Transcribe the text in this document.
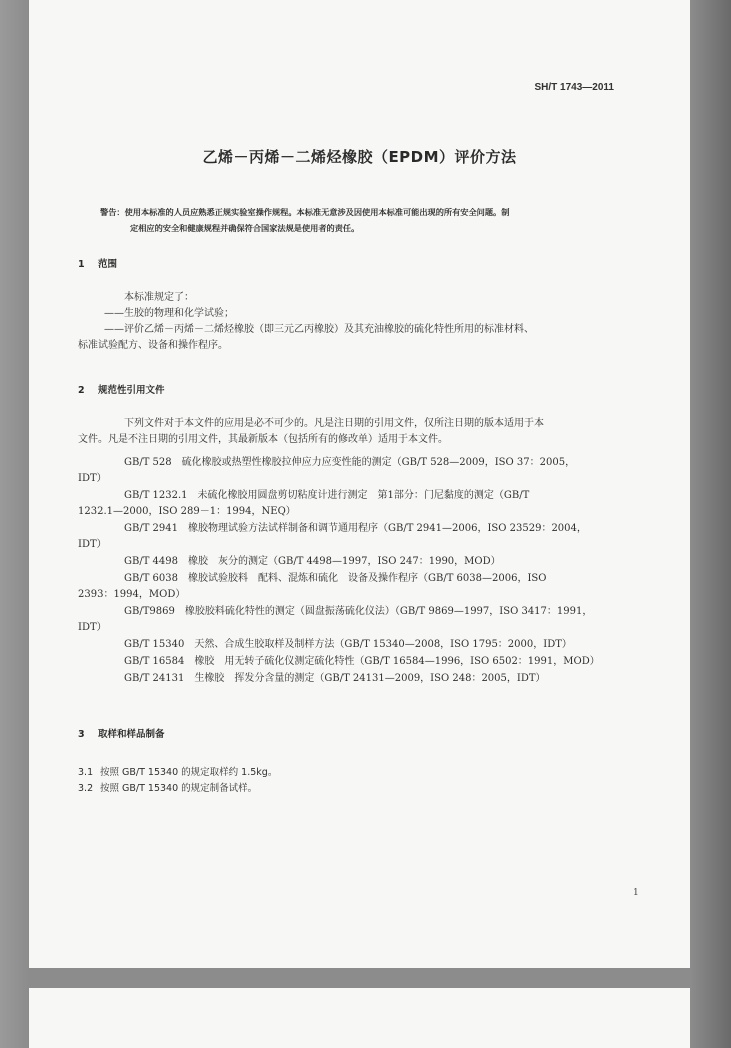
SH/T 1743—2011
乙烯－丙烯－二烯烃橡胶（EPDM）评价方法
警告：使用本标准的人员应熟悉正规实验室操作规程。本标准无意涉及因使用本标准可能出现的所有安全问题。制
定相应的安全和健康规程并确保符合国家法规是使用者的责任。
1 范围
本标准规定了：
——生胶的物理和化学试验；
——评价乙烯－丙烯－二烯烃橡胶（即三元乙丙橡胶）及其充油橡胶的硫化特性所用的标准材料、
标准试验配方、设备和操作程序。
2 规范性引用文件
下列文件对于本文件的应用是必不可少的。凡是注日期的引用文件，仅所注日期的版本适用于本
文件。凡是不注日期的引用文件，其最新版本（包括所有的修改单）适用于本文件。
GB/T 528　硫化橡胶或热塑性橡胶拉伸应力应变性能的测定（GB/T 528—2009，ISO 37：2005，
IDT）
GB/T 1232.1　未硫化橡胶用圆盘剪切粘度计进行测定　第1部分：门尼黏度的测定（GB/T
1232.1—2000，ISO 289－1：1994，NEQ）
GB/T 2941　橡胶物理试验方法试样制备和调节通用程序（GB/T 2941—2006，ISO 23529：2004，
IDT）
GB/T 4498　橡胶　灰分的测定（GB/T 4498—1997，ISO 247：1990，MOD）
GB/T 6038　橡胶试验胶料　配料、混炼和硫化　设备及操作程序（GB/T 6038—2006，ISO
2393：1994，MOD）
GB/T9869　橡胶胶料硫化特性的测定（圆盘振荡硫化仪法）（GB/T 9869—1997，ISO 3417：1991，
IDT）
GB/T 15340　天然、合成生胶取样及制样方法（GB/T 15340—2008，ISO 1795：2000，IDT）
GB/T 16584　橡胶　用无转子硫化仪测定硫化特性（GB/T 16584—1996，ISO 6502：1991，MOD）
GB/T 24131　生橡胶　挥发分含量的测定（GB/T 24131—2009，ISO 248：2005，IDT）
3 取样和样品制备
3.1 按照 GB/T 15340 的规定取样约 1.5kg。
3.2 按照 GB/T 15340 的规定制备试样。
1
